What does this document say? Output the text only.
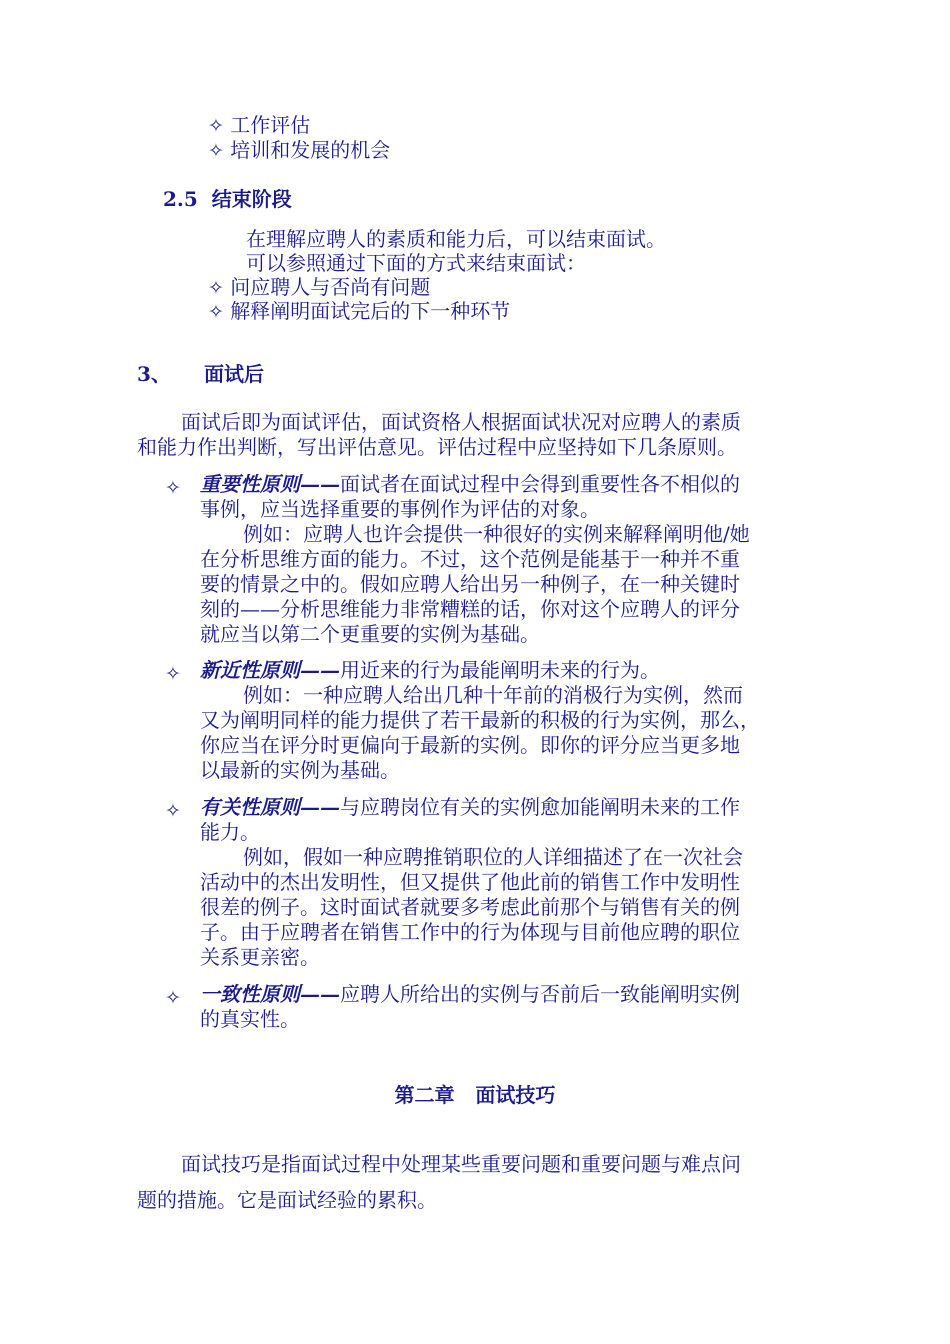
✧ 工作评估
✧ 培训和发展的机会
2.5 结束阶段
在理解应聘人的素质和能力后，可以结束面试。
可以参照通过下面的方式来结束面试：
✧ 问应聘人与否尚有问题
✧ 解释阐明面试完后的下一种环节
3、 面试后
面试后即为面试评估，面试资格人根据面试状况对应聘人的素质
和能力作出判断，写出评估意见。评估过程中应坚持如下几条原则。
✧ 重要性原则——面试者在面试过程中会得到重要性各不相似的
事例，应当选择重要的事例作为评估的对象。
例如：应聘人也许会提供一种很好的实例来解释阐明他/她
在分析思维方面的能力。不过，这个范例是能基于一种并不重
要的情景之中的。假如应聘人给出另一种例子，在一种关键时
刻的——分析思维能力非常糟糕的话，你对这个应聘人的评分
就应当以第二个更重要的实例为基础。
✧ 新近性原则——用近来的行为最能阐明未来的行为。
例如：一种应聘人给出几种十年前的消极行为实例，然而
又为阐明同样的能力提供了若干最新的积极的行为实例，那么，
你应当在评分时更偏向于最新的实例。即你的评分应当更多地
以最新的实例为基础。
✧ 有关性原则——与应聘岗位有关的实例愈加能阐明未来的工作
能力。
例如，假如一种应聘推销职位的人详细描述了在一次社会
活动中的杰出发明性，但又提供了他此前的销售工作中发明性
很差的例子。这时面试者就要多考虑此前那个与销售有关的例
子。由于应聘者在销售工作中的行为体现与目前他应聘的职位
关系更亲密。
✧ 一致性原则——应聘人所给出的实例与否前后一致能阐明实例
的真实性。
第二章   面试技巧
面试技巧是指面试过程中处理某些重要问题和重要问题与难点问
题的措施。它是面试经验的累积。
